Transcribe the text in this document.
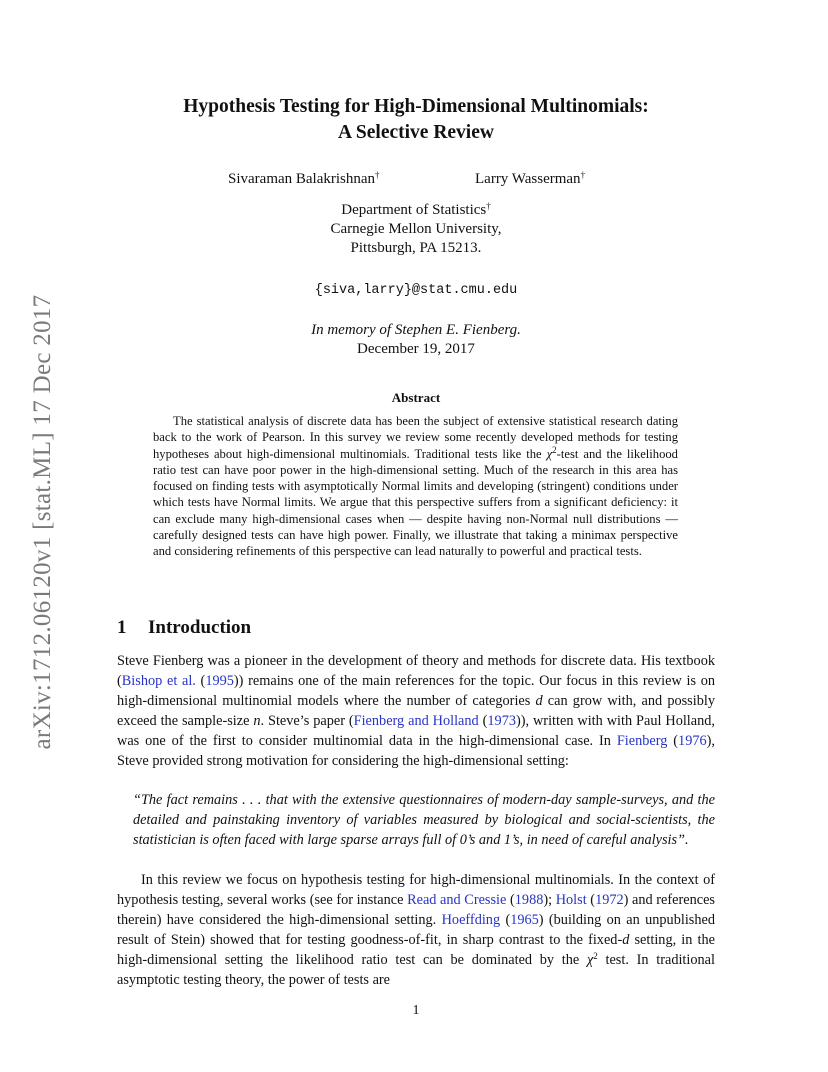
arXiv:1712.06120v1 [stat.ML] 17 Dec 2017
Hypothesis Testing for High-Dimensional Multinomials:
A Selective Review
Sivaraman Balakrishnan†	Larry Wasserman†
Department of Statistics†
Carnegie Mellon University,
Pittsburgh, PA 15213.
{siva,larry}@stat.cmu.edu
In memory of Stephen E. Fienberg.
December 19, 2017
Abstract

The statistical analysis of discrete data has been the subject of extensive statistical research dating back to the work of Pearson. In this survey we review some recently developed methods for testing hypotheses about high-dimensional multinomials. Traditional tests like the $\chi^2$-test and the likelihood ratio test can have poor power in the high-dimensional setting. Much of the research in this area has focused on finding tests with asymptotically Normal limits and developing (stringent) conditions under which tests have Normal limits. We argue that this perspective suffers from a significant deficiency: it can exclude many high-dimensional cases when — despite having non-Normal null distributions — carefully designed tests can have high power. Finally, we illustrate that taking a minimax perspective and considering refinements of this perspective can lead naturally to powerful and practical tests.

1 Introduction

Steve Fienberg was a pioneer in the development of theory and methods for discrete data. His textbook (Bishop et al. (1995)) remains one of the main references for the topic. Our focus in this review is on high-dimensional multinomial models where the number of categories d can grow with, and possibly exceed the sample-size n. Steve’s paper (Fienberg and Holland (1973)), written with with Paul Holland, was one of the first to consider multinomial data in the high-dimensional case. In Fienberg (1976), Steve provided strong motivation for considering the high-dimensional setting:

“The fact remains . . . that with the extensive questionnaires of modern-day sample-surveys, and the detailed and painstaking inventory of variables measured by biological and social-scientists, the statistician is often faced with large sparse arrays full of 0’s and 1’s, in need of careful analysis”.

In this review we focus on hypothesis testing for high-dimensional multinomials. In the context of hypothesis testing, several works (see for instance Read and Cressie (1988); Holst (1972) and references therein) have considered the high-dimensional setting. Hoeffding (1965) (building on an unpublished result of Stein) showed that for testing goodness-of-fit, in sharp contrast to the fixed-d setting, in the high-dimensional setting the likelihood ratio test can be dominated by the $\chi^2$ test. In traditional asymptotic testing theory, the power of tests are

1
